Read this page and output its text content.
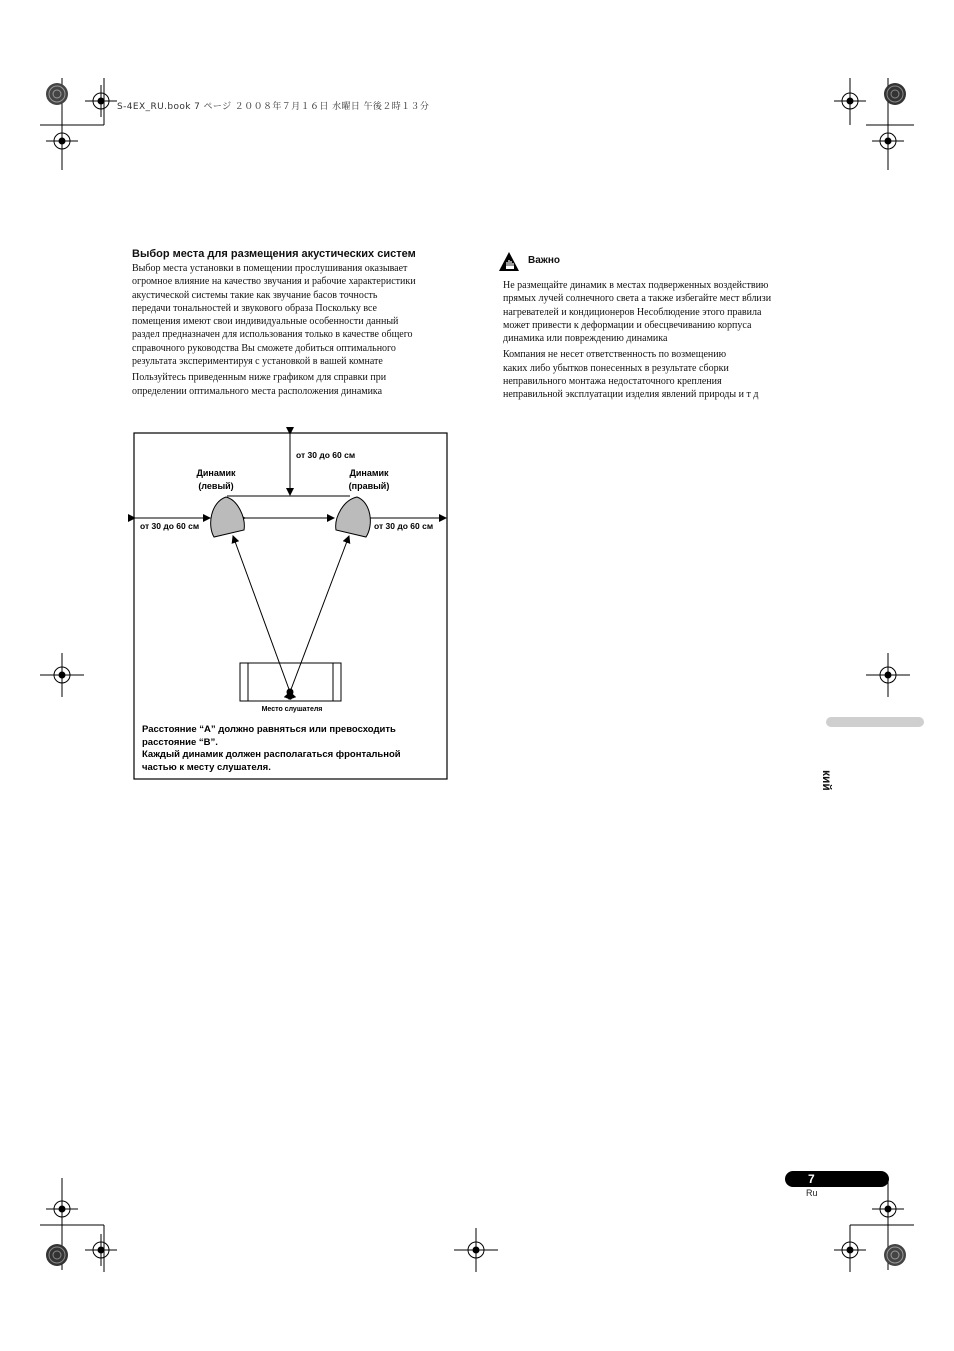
S-4EX_RU.book 7 ページ ２００８年７月１６日 水曜日 午後２時１３分
Выбор места для размещения акустических систем

Выбор места установки в помещении прослушивания оказывает
огромное влияние на качество звучания и рабочие характеристики
акустической системы такие как звучание басов точность
передачи тональностей и звукового образа Поскольку все
помещения имеют свои индивидуальные особенности данный
раздел предназначен для использования только в качестве общего
справочного руководства Вы сможете добиться оптимального
результата экспериментируя с установкой в вашей комнате

Пользуйтесь приведенным ниже графиком для справки при
определении оптимального места расположения динамика

Важно

Не размещайте динамик в местах подверженных воздействию
прямых лучей солнечного света а также избегайте мест вблизи
нагревателей и кондиционеров Несоблюдение этого правила
может привести к деформации и обесцвечиванию корпуса
динамика или повреждению динамика

Компания не несет ответственность по возмещению
каких либо убытков понесенных в результате сборки
неправильного монтажа недостаточного крепления
неправильной эксплуатации изделия явлений природы и т д

от 30 до 60 см
Динамик
(левый)
Динамик
(правый)
от 30 до 60 см	от 30 до 60 см
Место слушателя
Расстояние “A” должно равняться или превосходить
расстояние “B”.
Каждый динамик должен располагаться фронтальной
частью к месту слушателя.
кий
7
Ru
